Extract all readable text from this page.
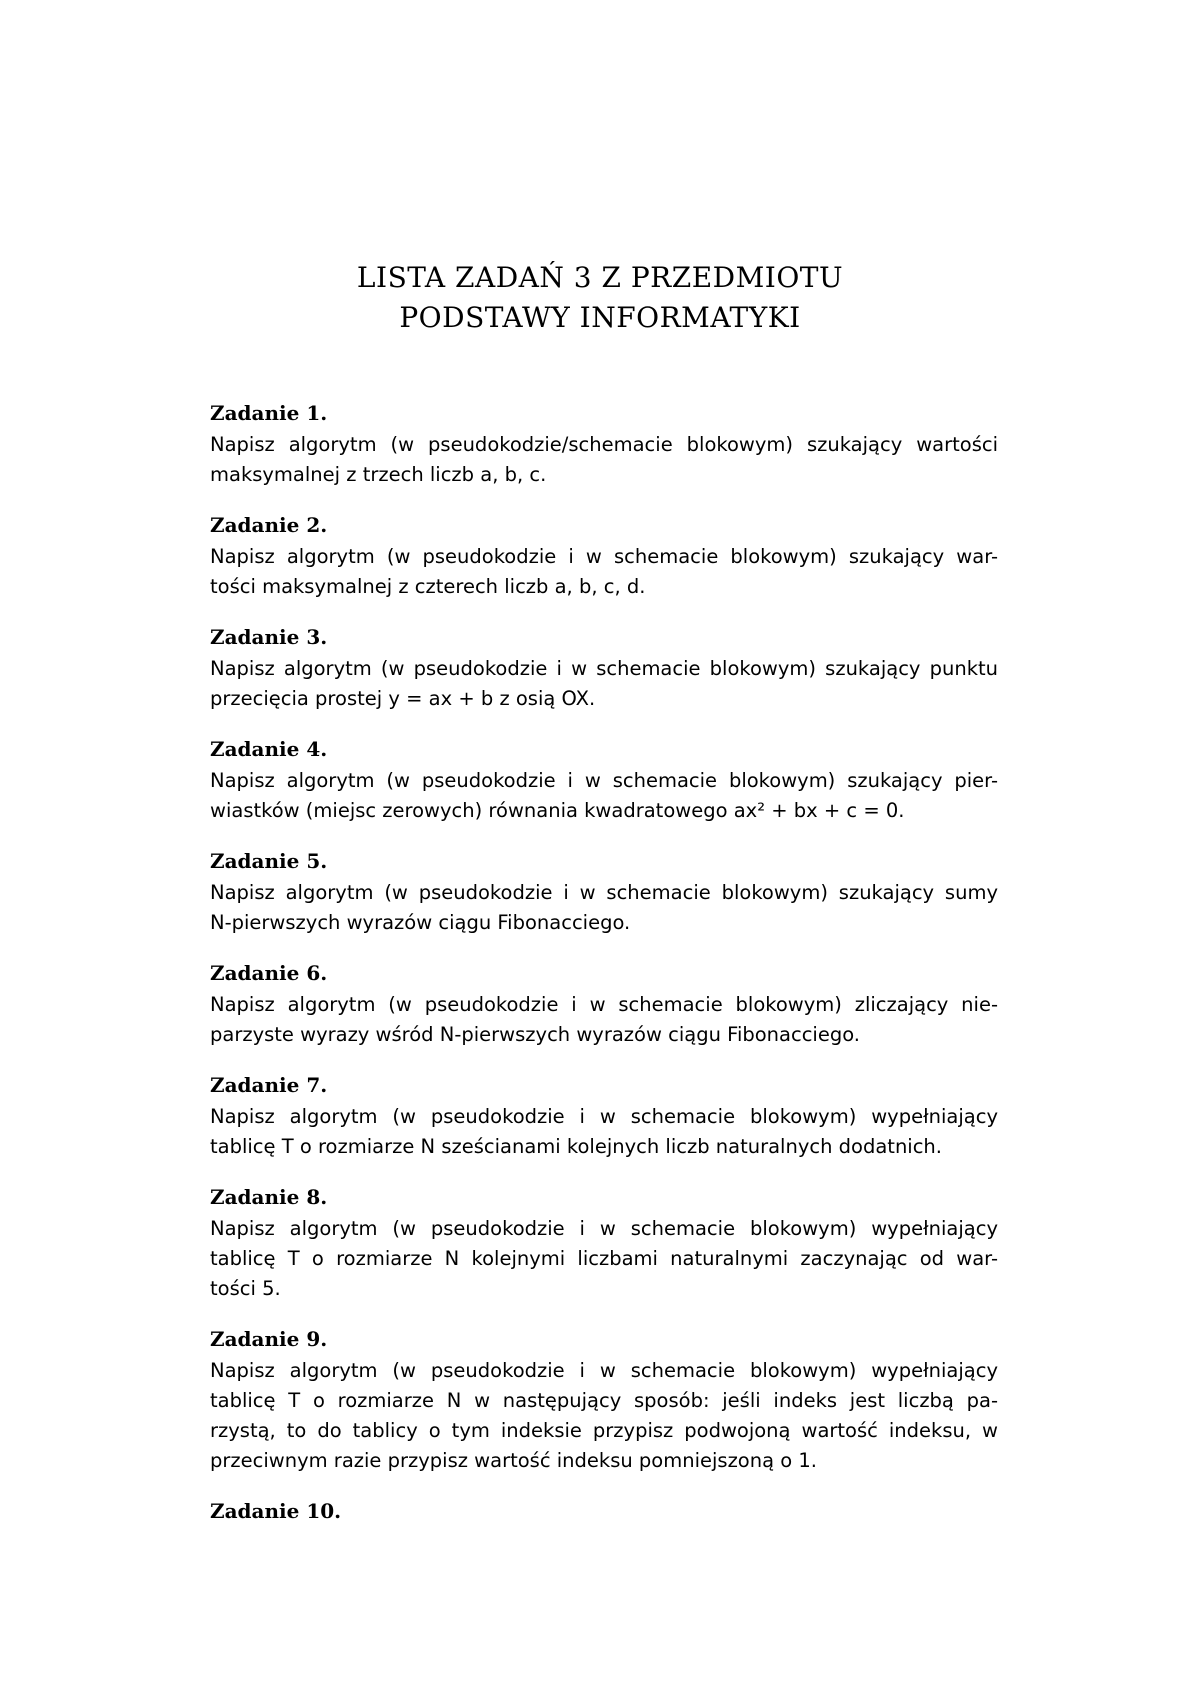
LISTA ZADAŃ 3 Z PRZEDMIOTU
PODSTAWY INFORMATYKI
Zadanie 1.
Napisz algorytm (w pseudokodzie/schemacie blokowym) szukający wartości
maksymalnej z trzech liczb a, b, c.
Zadanie 2.
Napisz algorytm (w pseudokodzie i w schemacie blokowym) szukający war-
tości maksymalnej z czterech liczb a, b, c, d.
Zadanie 3.
Napisz algorytm (w pseudokodzie i w schemacie blokowym) szukający punktu
przecięcia prostej y = ax + b z osią OX.
Zadanie 4.
Napisz algorytm (w pseudokodzie i w schemacie blokowym) szukający pier-
wiastków (miejsc zerowych) równania kwadratowego ax² + bx + c = 0.
Zadanie 5.
Napisz algorytm (w pseudokodzie i w schemacie blokowym) szukający sumy
N-pierwszych wyrazów ciągu Fibonacciego.
Zadanie 6.
Napisz algorytm (w pseudokodzie i w schemacie blokowym) zliczający nie-
parzyste wyrazy wśród N-pierwszych wyrazów ciągu Fibonacciego.
Zadanie 7.
Napisz algorytm (w pseudokodzie i w schemacie blokowym) wypełniający
tablicę T o rozmiarze N sześcianami kolejnych liczb naturalnych dodatnich.
Zadanie 8.
Napisz algorytm (w pseudokodzie i w schemacie blokowym) wypełniający
tablicę T o rozmiarze N kolejnymi liczbami naturalnymi zaczynając od war-
tości 5.
Zadanie 9.
Napisz algorytm (w pseudokodzie i w schemacie blokowym) wypełniający
tablicę T o rozmiarze N w następujący sposób: jeśli indeks jest liczbą pa-
rzystą, to do tablicy o tym indeksie przypisz podwojoną wartość indeksu, w
przeciwnym razie przypisz wartość indeksu pomniejszoną o 1.
Zadanie 10.
